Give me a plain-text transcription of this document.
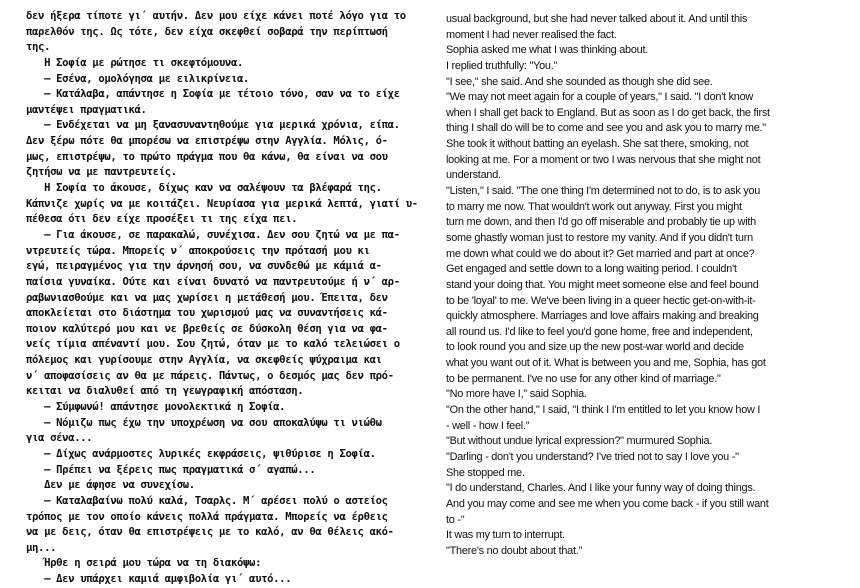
δεν ήξερα τίποτε γι΄ αυτήν. Δεν μου είχε κάνει ποτέ λόγο για το
παρελθόν της. Ως τότε, δεν είχα σκεφθεί σοβαρά την περίπτωσή
της.
Η Σοφία με ρώτησε τι σκεφτόμουνα.
– Εσένα, ομολόγησα με ειλικρίνεια.
– Κατάλαβα, απάντησε η Σοφία με τέτοιο τόνο, σαν να το είχε
μαντέψει πραγματικά.
– Ενδέχεται να μη ξανασυναντηθούμε για μερικά χρόνια, είπα.
Δεν ξέρω πότε θα μπορέσω να επιστρέψω στην Αγγλία. Μόλις, ό-
μως, επιστρέψω, το πρώτο πράγμα που θα κάνω, θα είναι να σου
ζητήσω να με παντρευτείς.
Η Σοφία το άκουσε, δίχως καν να σαλέψουν τα βλέφαρά της.
Κάπνιζε χωρίς να με κοιτάζει. Νευρίασα για μερικά λεπτά, γιατί υ-
πέθεσα ότι δεν είχε προσέξει τι της είχα πει.
– Για άκουσε, σε παρακαλώ, συνέχισα. Δεν σου ζητώ να με πα-
ντρευτείς τώρα. Μπορείς ν΄ αποκρούσεις την πρότασή μου κι
εγώ, πειραγμένος για την άρνησή σου, να συνδεθώ με κάμιά α-
παίσια γυναίκα. Ούτε και είναι δυνατό να παντρευτούμε ή ν΄ αρ-
ραβωνιασθούμε και να μας χωρίσει η μετάθεσή μου. Έπειτα, δεν
αποκλείεται στο διάστημα του χωρισμού μας να συναντήσεις κά-
ποιον καλύτερό μου και νε βρεθείς σε δύσκολη θέση για να φα-
νείς τίμια απέναντί μου. Σου ζητώ, όταν με το καλό τελειώσει ο
πόλεμος και γυρίσουμε στην Αγγλία, να σκεφθείς ψύχραιμα και
ν΄ αποφασίσεις αν θα με πάρεις. Πάντως, ο δεσμός μας δεν πρό-
κειται να διαλυθεί από τη γεωγραφική απόσταση.
– Σύμφωνώ! απάντησε μονολεκτικά η Σοφία.
– Νόμιζω πως έχω την υποχρέωση να σου αποκαλύψω τι νιώθω
για σένα...
– Δίχως ανάρμοστες λυρικές εκφράσεις, ψιθύρισε η Σοφία.
– Πρέπει να ξέρεις πως πραγματικά σ΄ αγαπώ...
Δεν με άφησε να συνεχίσω.
– Καταλαβαίνω πολύ καλά, Τσαρλς. Μ΄ αρέσει πολύ ο αστείος
τρόπος με τον οποίο κάνεις πολλά πράγματα. Μπορείς να έρθεις
να με δεις, όταν θα επιστρέψεις με το καλό, αν θα θέλεις ακό-
μη...
Ήρθε η σειρά μου τώρα να τη διακόψω:
– Δεν υπάρχει καμιά αμφιβολία γι΄ αυτό...
usual background, but she had never talked about it. And until this
moment I had never realised the fact.
Sophia asked me what I was thinking about.
I replied truthfully: "You."
"I see," she said. And she sounded as though she did see.
"We may not meet again for a couple of years," I said. "I don't know
when I shall get back to England. But as soon as I do get back, the first
thing I shall do will be to come and see you and ask you to marry me."
She took it without batting an eyelash. She sat there, smoking, not
looking at me. For a moment or two I was nervous that she might not
understand.
"Listen," I said. "The one thing I'm determined not to do, is to ask you
to marry me now. That wouldn't work out anyway. First you might
turn me down, and then I'd go off miserable and probably tie up with
some ghastly woman just to restore my vanity. And if you didn't turn
me down what could we do about it? Get married and part at once?
Get engaged and settle down to a long waiting period. I couldn't
stand your doing that. You might meet someone else and feel bound
to be 'loyal' to me. We've been living in a queer hectic get-on-with-it-
quickly atmosphere. Marriages and love affairs making and breaking
all round us. I'd like to feel you'd gone home, free and independent,
to look round you and size up the new post-war world and decide
what you want out of it. What is between you and me, Sophia, has got
to be permanent. I've no use for any other kind of marriage."
"No more have I," said Sophia.
"On the other hand," I said, "I think I I'm entitled to let you know how I
- well - how I feel."
"But without undue lyrical expression?" murmured Sophia.
"Darling - don't you understand? I've tried not to say I love you -"
She stopped me.
"I do understand, Charles. And I like your funny way of doing things.
And you may come and see me when you come back - if you still want
to -"
It was my turn to interrupt.
"There's no doubt about that."
